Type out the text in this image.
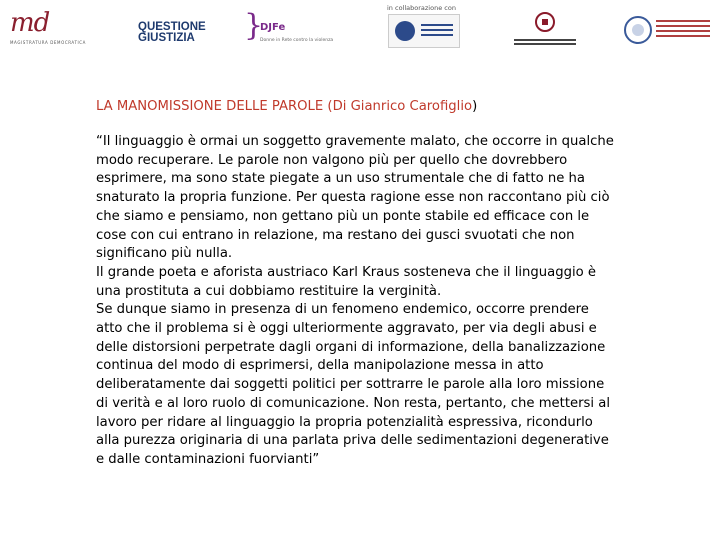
md
MAGISTRATURA DEMOCRATICA
QUESTIONE
GIUSTIZIA	}
DJFe
Donne in Rete contro la violenza
in collaborazione con
LA MANOMISSIONE DELLE PAROLE (Di Gianrico Carofiglio)
“Il linguaggio è ormai un soggetto gravemente malato, che occorre in qualche
modo recuperare. Le parole non valgono più per quello che dovrebbero
esprimere, ma sono state piegate a un uso strumentale che di fatto ne ha
snaturato la propria funzione. Per questa ragione esse non raccontano più ciò
che siamo e pensiamo, non gettano più un ponte stabile ed efficace con le
cose con cui entrano in relazione, ma restano dei gusci svuotati che non
significano più nulla.
Il grande poeta e aforista austriaco Karl Kraus sosteneva che il linguaggio è
una prostituta a cui dobbiamo restituire la verginità.
Se dunque siamo in presenza di un fenomeno endemico, occorre prendere
atto che il problema si è oggi ulteriormente aggravato, per via degli abusi e
delle distorsioni perpetrate dagli organi di informazione, della banalizzazione
continua del modo di esprimersi, della manipolazione messa in atto
deliberatamente dai soggetti politici per sottrarre le parole alla loro missione
di verità e al loro ruolo di comunicazione. Non resta, pertanto, che mettersi al
lavoro per ridare al linguaggio la propria potenzialità espressiva, ricondurlo
alla purezza originaria di una parlata priva delle sedimentazioni degenerative
e dalle contaminazioni fuorvianti”
